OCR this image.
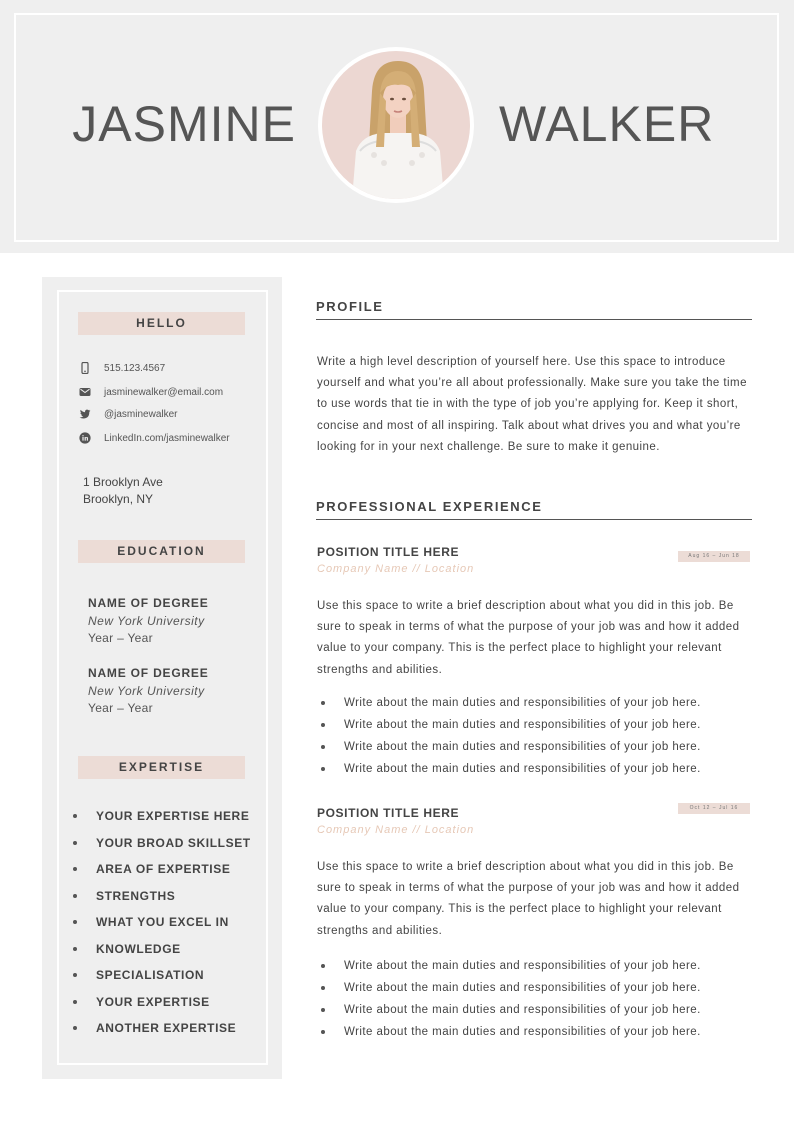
JASMINE	WALKER
HELLO
515.123.4567
jasminewalker@email.com
@jasminewalker
LinkedIn.com/jasminewalker
1 Brooklyn Ave
Brooklyn, NY
EDUCATION
NAME OF DEGREE
New York University
Year – Year
NAME OF DEGREE
New York University
Year – Year
EXPERTISE
YOUR EXPERTISE HERE
YOUR BROAD SKILLSET
AREA OF EXPERTISE
STRENGTHS
WHAT YOU EXCEL IN
KNOWLEDGE
SPECIALISATION
YOUR EXPERTISE
ANOTHER EXPERTISE
PROFILE
Write a high level description of yourself here. Use this space to introduce yourself and what you’re all about professionally. Make sure you take the time to use words that tie in with the type of job you’re applying for. Keep it short, concise and most of all inspiring. Talk about what drives you and what you’re looking for in your next challenge. Be sure to make it genuine.
PROFESSIONAL EXPERIENCE
POSITION TITLE HERE	Aug 16 – Jun 18
Company Name // Location
Use this space to write a brief description about what you did in this job. Be sure to speak in terms of what the purpose of your job was and how it added value to your company. This is the perfect place to highlight your relevant strengths and abilities.
Write about the main duties and responsibilities of your job here.
Write about the main duties and responsibilities of your job here.
Write about the main duties and responsibilities of your job here.
Write about the main duties and responsibilities of your job here.
POSITION TITLE HERE	Oct 12 – Jul 16
Company Name // Location
Use this space to write a brief description about what you did in this job. Be sure to speak in terms of what the purpose of your job was and how it added value to your company. This is the perfect place to highlight your relevant strengths and abilities.
Write about the main duties and responsibilities of your job here.
Write about the main duties and responsibilities of your job here.
Write about the main duties and responsibilities of your job here.
Write about the main duties and responsibilities of your job here.
